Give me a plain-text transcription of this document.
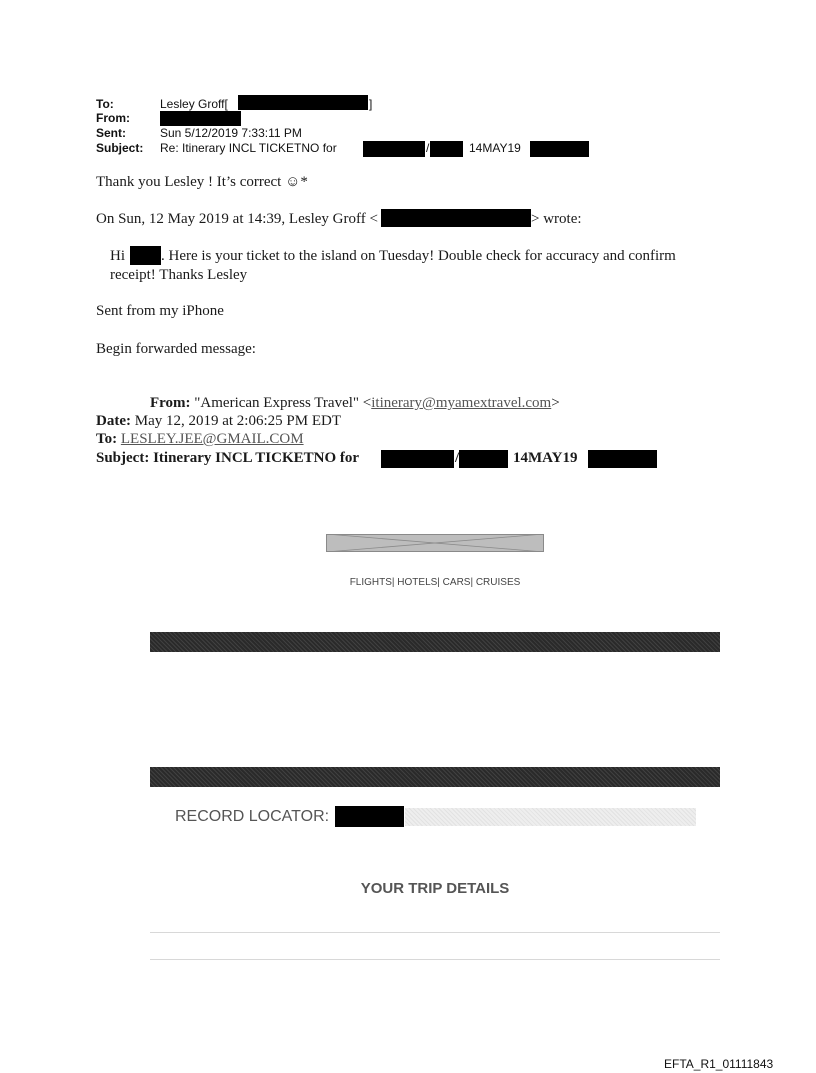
To:	Lesley Groff[	]
From:
Sent:	Sun 5/12/2019 7:33:11 PM
Subject: Re: Itinerary INCL TICKETNO for	/	14MAY19
Thank you Lesley ! It’s correct ☺*
On Sun, 12 May 2019 at 14:39, Lesley Groff <	> wrote:
Hi . Here is your ticket to the island on Tuesday! Double check for accuracy and confirm
receipt! Thanks Lesley
Sent from my iPhone
Begin forwarded message:
From: "American Express Travel" <itinerary@myamextravel.com>
Date: May 12, 2019 at 2:06:25 PM EDT
To: LESLEY.JEE@GMAIL.COM
Subject: Itinerary INCL TICKETNO for	/	14MAY19
FLIGHTS| HOTELS| CARS| CRUISES
RECORD LOCATOR:
YOUR TRIP DETAILS
EFTA_R1_01111843
